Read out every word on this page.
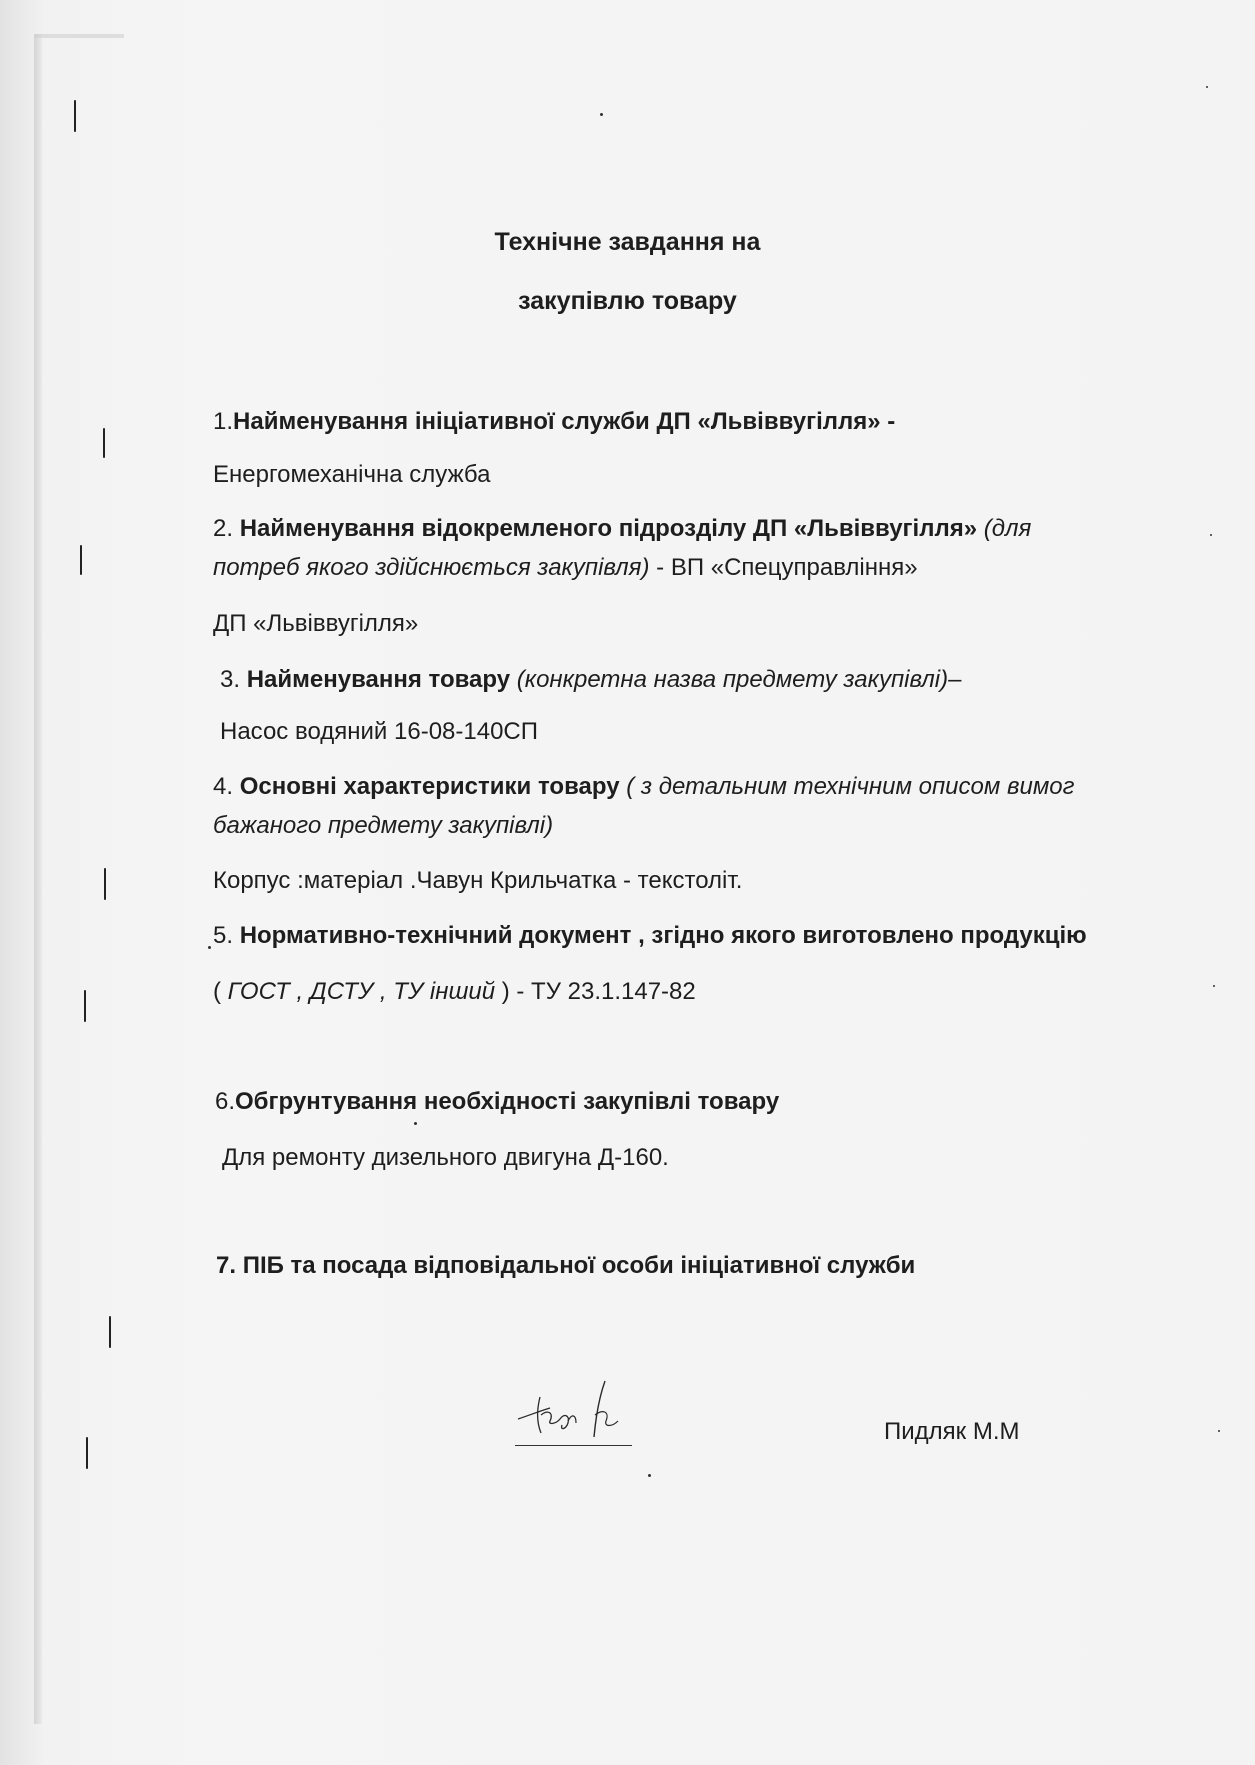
Технічне завдання на
закупівлю товару
1.Найменування ініціативної служби ДП «Львіввугілля» -
Енергомеханічна служба
2. Найменування відокремленого підрозділу ДП «Львіввугілля» (для
потреб якого здійснюється закупівля) - ВП «Спецуправління»
ДП «Львіввугілля»
3. Найменування товару (конкретна назва предмету закупівлі)–
Насос водяний 16-08-140СП
4. Основні характеристики товару ( з детальним технічним описом вимог
бажаного предмету закупівлі)
Корпус :матеріал .Чавун Крильчатка - текстоліт.
5. Нормативно-технічний документ , згідно якого виготовлено продукцію
( ГОСТ , ДСТУ , ТУ інший ) - ТУ 23.1.147-82
6.Обгрунтування необхідності закупівлі товару
Для ремонту дизельного двигуна Д-160.
7. ПІБ та посада відповідальної особи ініціативної служби
Пидляк М.М
